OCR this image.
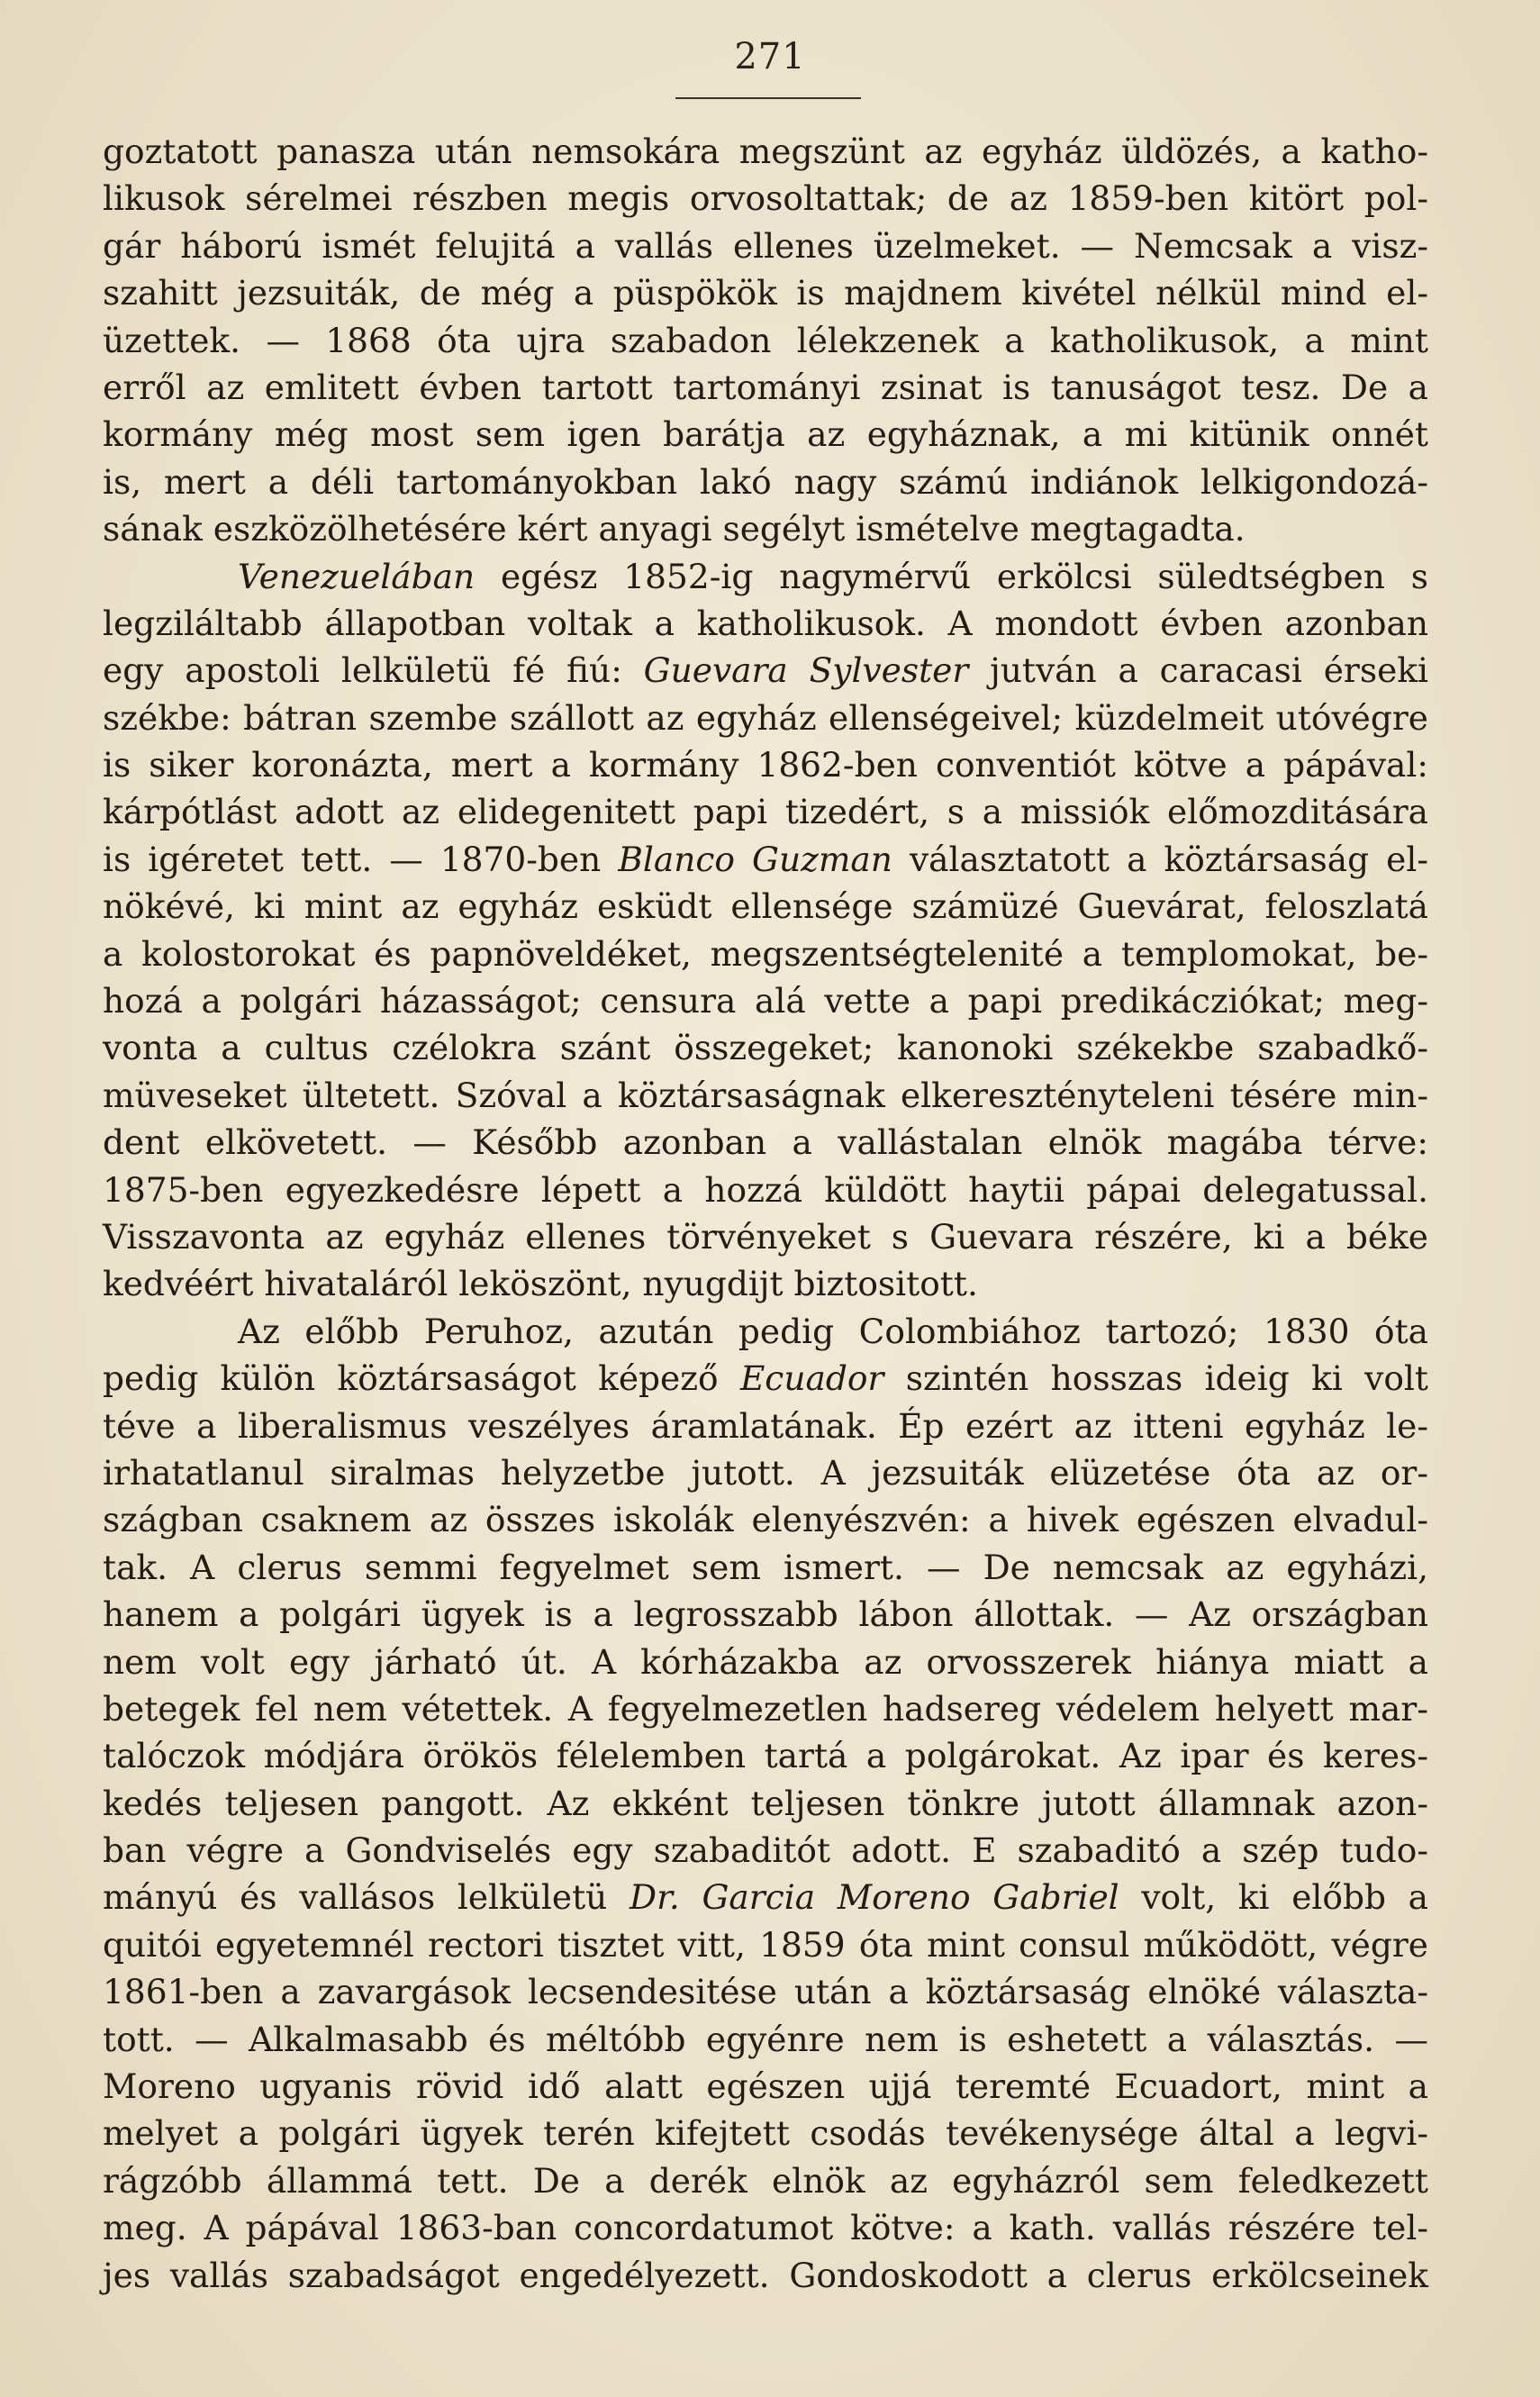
271
goztatott panasza után nemsokára megszünt az egyház üldözés, a katho-
likusok sérelmei részben megis orvosoltattak; de az 1859-ben kitört pol-
gár háború ismét felujitá a vallás ellenes üzelmeket. — Nemcsak a visz-
szahitt jezsuiták, de még a püspökök is majdnem kivétel nélkül mind el-
üzettek. — 1868 óta ujra szabadon lélekzenek a katholikusok, a mint
erről az emlitett évben tartott tartományi zsinat is tanuságot tesz. De a
kormány még most sem igen barátja az egyháznak, a mi kitünik onnét
is, mert a déli tartományokban lakó nagy számú indiánok lelkigondozá-
sának eszközölhetésére kért anyagi segélyt ismételve megtagadta.
Venezuelában egész 1852-ig nagymérvű erkölcsi süledtségben s
legziláltabb állapotban voltak a katholikusok. A mondott évben azonban
egy apostoli lelkületü fé fiú: Guevara Sylvester jutván a caracasi érseki
székbe: bátran szembe szállott az egyház ellenségeivel; küzdelmeit utóvégre
is siker koronázta, mert a kormány 1862-ben conventiót kötve a pápával:
kárpótlást adott az elidegenitett papi tizedért, s a missiók előmozditására
is igéretet tett. — 1870-ben Blanco Guzman választatott a köztársaság el-
nökévé, ki mint az egyház esküdt ellensége számüzé Guevárat, feloszlatá
a kolostorokat és papnöveldéket, megszentségtelenité a templomokat, be-
hozá a polgári házasságot; censura alá vette a papi predikácziókat; meg-
vonta a cultus czélokra szánt összegeket; kanonoki székekbe szabadkő-
müveseket ültetett. Szóval a köztársaságnak elkeresztényteleni tésére min-
dent elkövetett. — Később azonban a vallástalan elnök magába térve:
1875-ben egyezkedésre lépett a hozzá küldött haytii pápai delegatussal.
Visszavonta az egyház ellenes törvényeket s Guevara részére, ki a béke
kedvéért hivataláról leköszönt, nyugdijt biztositott.
Az előbb Peruhoz, azután pedig Colombiához tartozó; 1830 óta
pedig külön köztársaságot képező Ecuador szintén hosszas ideig ki volt
téve a liberalismus veszélyes áramlatának. Ép ezért az itteni egyház le-
irhatatlanul siralmas helyzetbe jutott. A jezsuiták elüzetése óta az or-
szágban csaknem az összes iskolák elenyészvén: a hivek egészen elvadul-
tak. A clerus semmi fegyelmet sem ismert. — De nemcsak az egyházi,
hanem a polgári ügyek is a legrosszabb lábon állottak. — Az országban
nem volt egy járható út. A kórházakba az orvosszerek hiánya miatt a
betegek fel nem vétettek. A fegyelmezetlen hadsereg védelem helyett mar-
talóczok módjára örökös félelemben tartá a polgárokat. Az ipar és keres-
kedés teljesen pangott. Az ekként teljesen tönkre jutott államnak azon-
ban végre a Gondviselés egy szabaditót adott. E szabaditó a szép tudo-
mányú és vallásos lelkületü Dr. Garcia Moreno Gabriel volt, ki előbb a
quitói egyetemnél rectori tisztet vitt, 1859 óta mint consul működött, végre
1861-ben a zavargások lecsendesitése után a köztársaság elnöké választa-
tott. — Alkalmasabb és méltóbb egyénre nem is eshetett a választás. —
Moreno ugyanis rövid idő alatt egészen ujjá teremté Ecuadort, mint a
melyet a polgári ügyek terén kifejtett csodás tevékenysége által a legvi-
rágzóbb állammá tett. De a derék elnök az egyházról sem feledkezett
meg. A pápával 1863-ban concordatumot kötve: a kath. vallás részére tel-
jes vallás szabadságot engedélyezett. Gondoskodott a clerus erkölcseinek
